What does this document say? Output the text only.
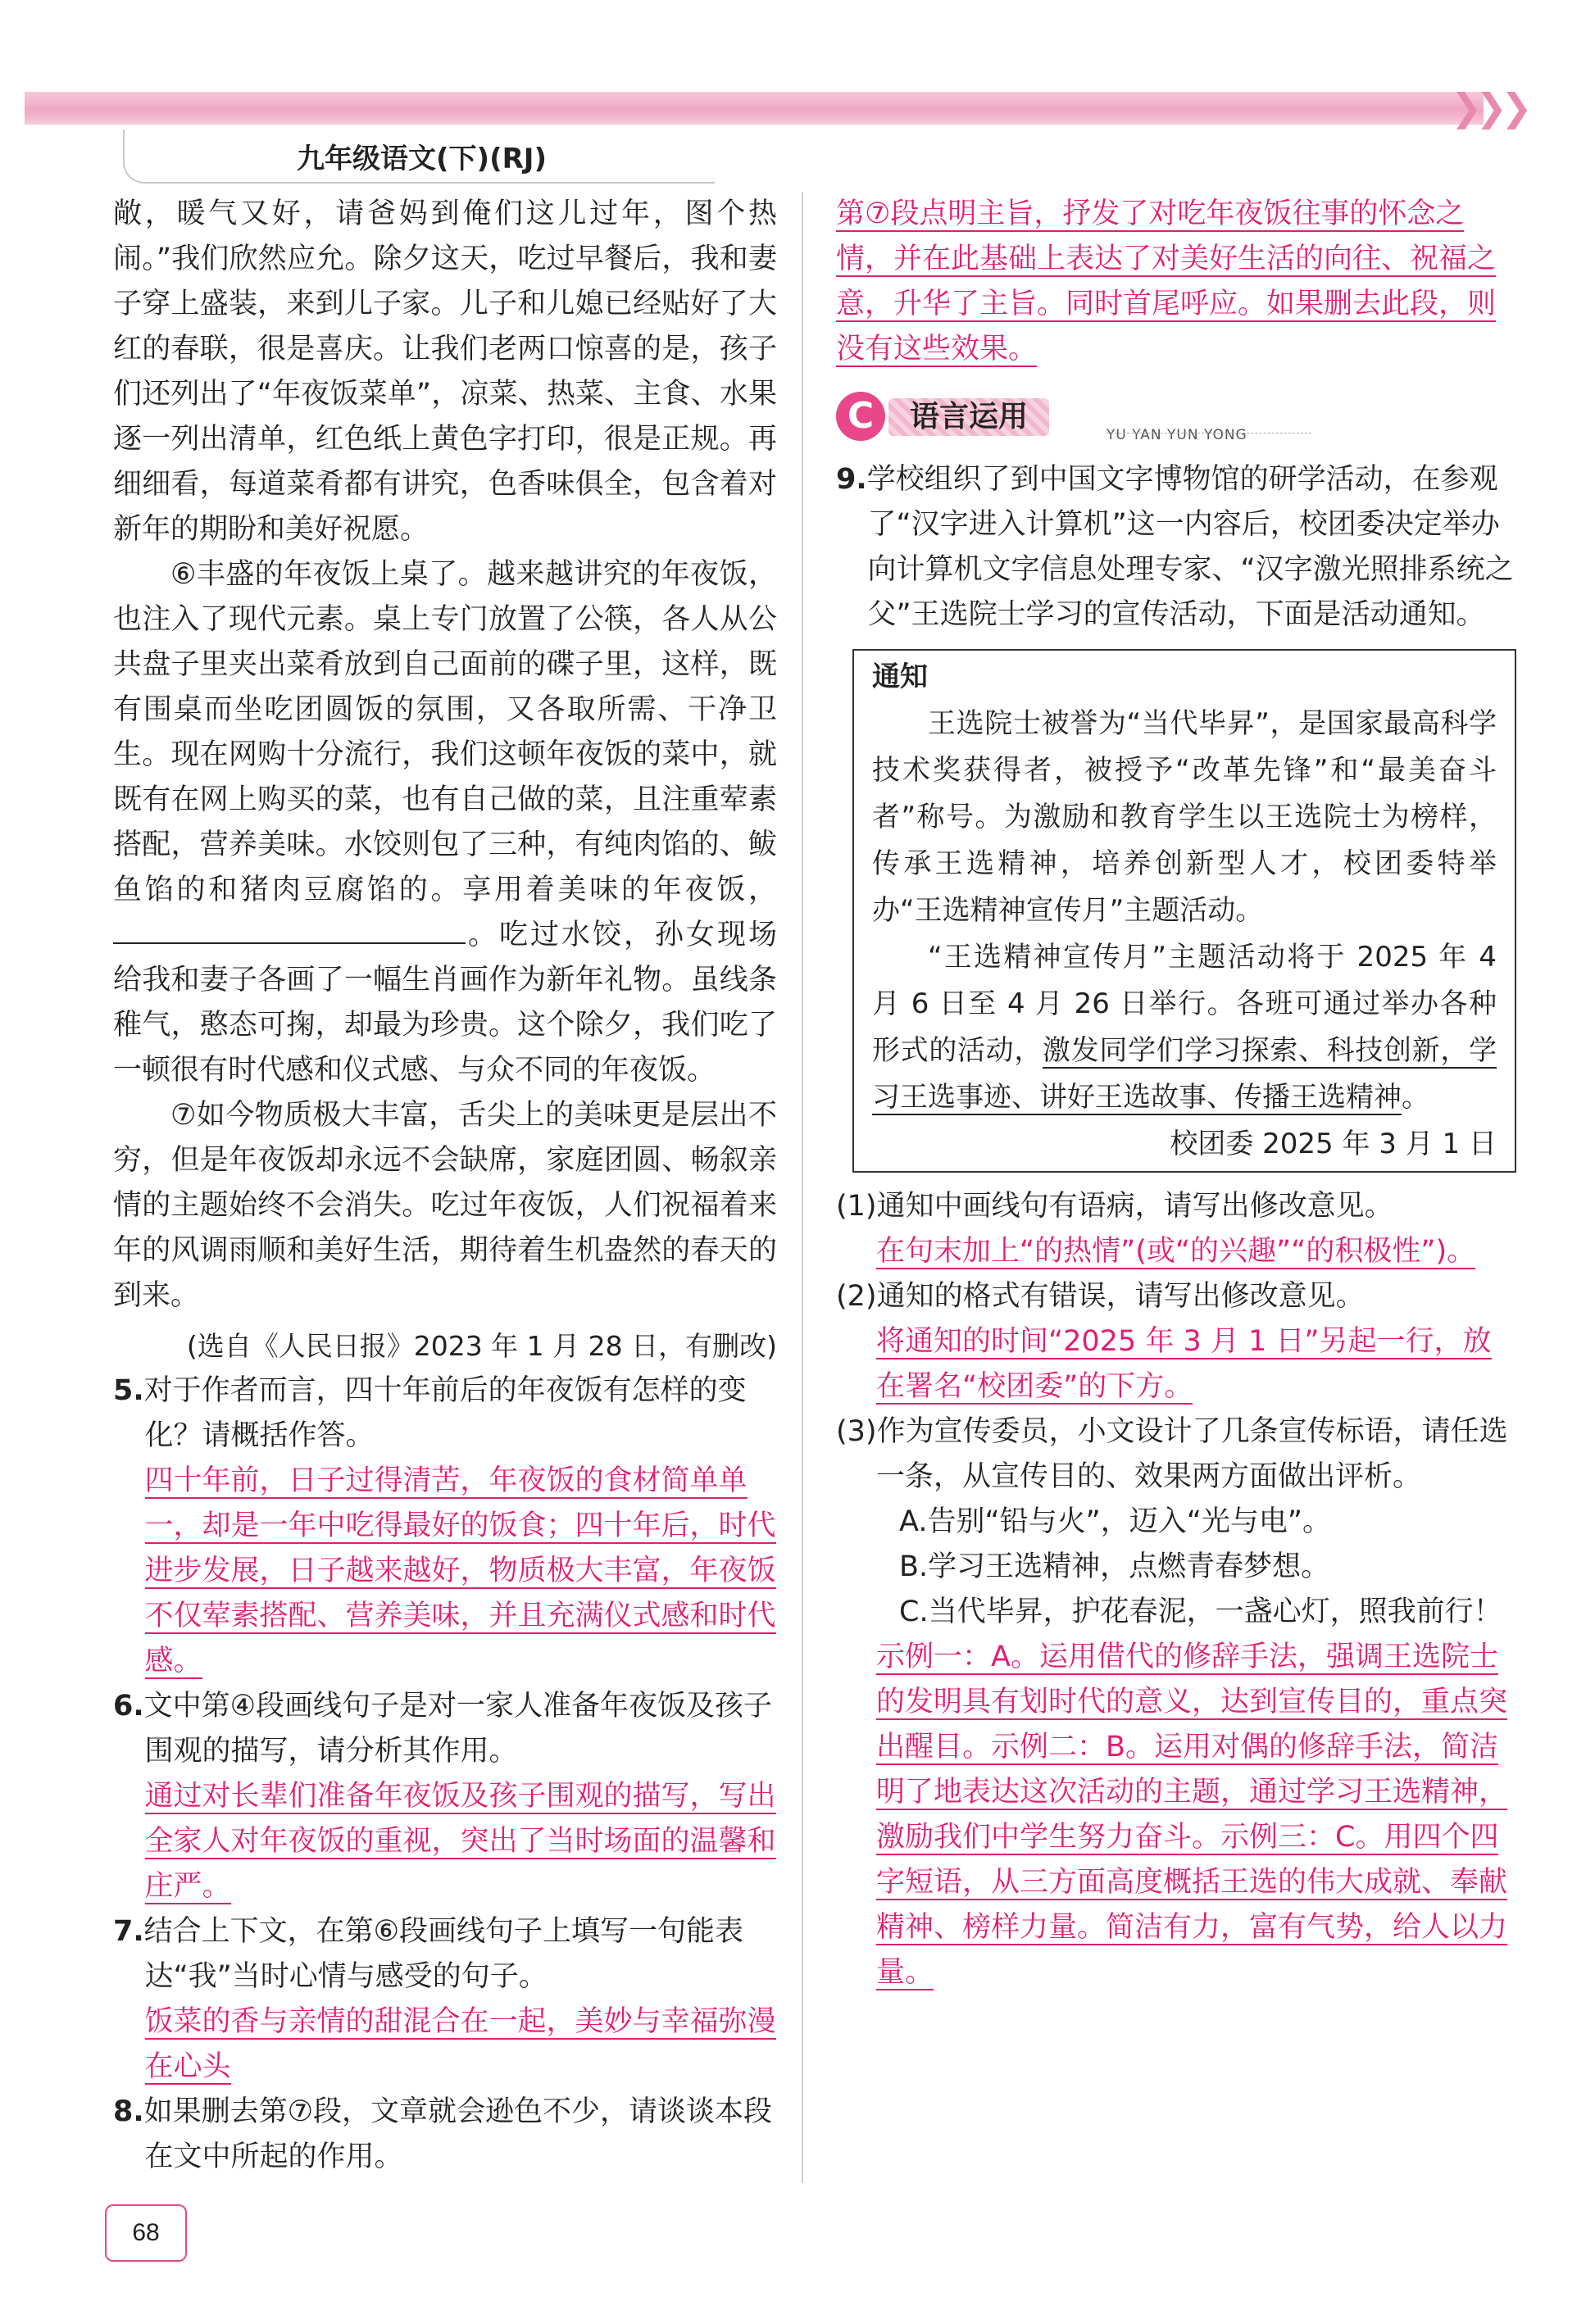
❯❯❯
九年级语文(下)(RJ)

敞，暖气又好，请爸妈到俺们这儿过年，图个热闹。”我们欣然应允。除夕这天，吃过早餐后，我和妻子穿上盛装，来到儿子家。儿子和儿媳已经贴好了大红的春联，很是喜庆。让我们老两口惊喜的是，孩子们还列出了“年夜饭菜单”，凉菜、热菜、主食、水果逐一列出清单，红色纸上黄色字打印，很是正规。再细细看，每道菜肴都有讲究，色香味俱全，包含着对新年的期盼和美好祝愿。

⑥丰盛的年夜饭上桌了。越来越讲究的年夜饭，也注入了现代元素。桌上专门放置了公筷，各人从公共盘子里夹出菜肴放到自己面前的碟子里，这样，既有围桌而坐吃团圆饭的氛围，又各取所需、干净卫生。现在网购十分流行，我们这顿年夜饭的菜中，就既有在网上购买的菜，也有自己做的菜，且注重荤素搭配，营养美味。水饺则包了三种，有纯肉馅的、鲅鱼馅的和猪肉豆腐馅的。享用着美味的年夜饭，。吃过水饺，孙女现场给我和妻子各画了一幅生肖画作为新年礼物。虽线条稚气，憨态可掬，却最为珍贵。这个除夕，我们吃了一顿很有时代感和仪式感、与众不同的年夜饭。

⑦如今物质极大丰富，舌尖上的美味更是层出不穷，但是年夜饭却永远不会缺席，家庭团圆、畅叙亲情的主题始终不会消失。吃过年夜饭，人们祝福着来年的风调雨顺和美好生活，期待着生机盎然的春天的到来。

(选自《人民日报》2023 年 1 月 28 日，有删改)

5.对于作者而言，四十年前后的年夜饭有怎样的变化？请概括作答。

四十年前，日子过得清苦，年夜饭的食材简单单一，却是一年中吃得最好的饭食；四十年后，时代进步发展，日子越来越好，物质极大丰富，年夜饭不仅荤素搭配、营养美味，并且充满仪式感和时代感。

6.文中第④段画线句子是对一家人准备年夜饭及孩子围观的描写，请分析其作用。

通过对长辈们准备年夜饭及孩子围观的描写，写出全家人对年夜饭的重视，突出了当时场面的温馨和庄严。

7.结合上下文，在第⑥段画线句子上填写一句能表达“我”当时心情与感受的句子。

饭菜的香与亲情的甜混合在一起，美妙与幸福弥漫在心头

8.如果删去第⑦段，文章就会逊色不少，请谈谈本段在文中所起的作用。

第⑦段点明主旨，抒发了对吃年夜饭往事的怀念之情，并在此基础上表达了对美好生活的向往、祝福之意，升华了主旨。同时首尾呼应。如果删去此段，则没有这些效果。

C	语言运用
YU YAN YUN YONG

9.学校组织了到中国文字博物馆的研学活动，在参观了“汉字进入计算机”这一内容后，校团委决定举办向计算机文字信息处理专家、“汉字激光照排系统之父”王选院士学习的宣传活动，下面是活动通知。

通知

王选院士被誉为“当代毕昇”，是国家最高科学技术奖获得者，被授予“改革先锋”和“最美奋斗者”称号。为激励和教育学生以王选院士为榜样，传承王选精神，培养创新型人才，校团委特举办“王选精神宣传月”主题活动。

“王选精神宣传月”主题活动将于 2025 年 4 月 6 日至 4 月 26 日举行。各班可通过举办各种形式的活动，激发同学们学习探索、科技创新，学习王选事迹、讲好王选故事、传播王选精神。

校团委 2025 年 3 月 1 日

(1)通知中画线句有语病，请写出修改意见。

在句末加上“的热情”(或“的兴趣”“的积极性”)。

(2)通知的格式有错误，请写出修改意见。

将通知的时间“2025 年 3 月 1 日”另起一行，放在署名“校团委”的下方。

(3)作为宣传委员，小文设计了几条宣传标语，请任选一条，从宣传目的、效果两方面做出评析。

A.告别“铅与火”，迈入“光与电”。

B.学习王选精神，点燃青春梦想。

C.当代毕昇，护花春泥，一盏心灯，照我前行！

示例一：A。运用借代的修辞手法，强调王选院士的发明具有划时代的意义，达到宣传目的，重点突出醒目。示例二：B。运用对偶的修辞手法，简洁明了地表达这次活动的主题，通过学习王选精神，激励我们中学生努力奋斗。示例三：C。用四个四字短语，从三方面高度概括王选的伟大成就、奉献精神、榜样力量。简洁有力，富有气势，给人以力量。

68
